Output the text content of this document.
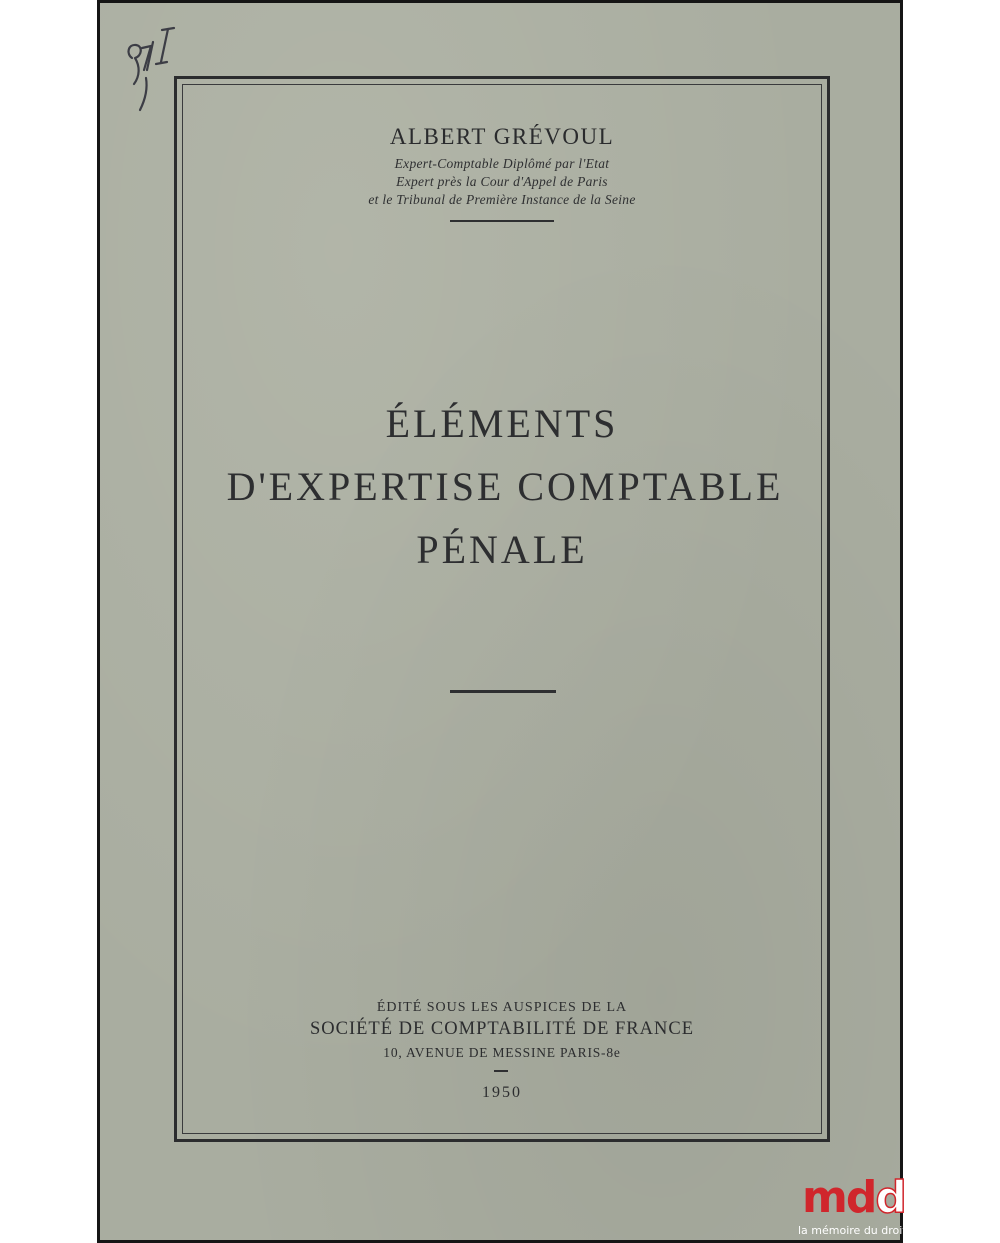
ALBERT GRÉVOUL
Expert-Comptable Diplômé par l'Etat
Expert près la Cour d'Appel de Paris
et le Tribunal de Première Instance de la Seine
ÉLÉMENTS
D'EXPERTISE COMPTABLE
PÉNALE
ÉDITÉ SOUS LES AUSPICES DE LA
SOCIÉTÉ DE COMPTABILITÉ DE FRANCE
10, AVENUE DE MESSINE PARIS-8e
1950
mdd
la mémoire du droit
